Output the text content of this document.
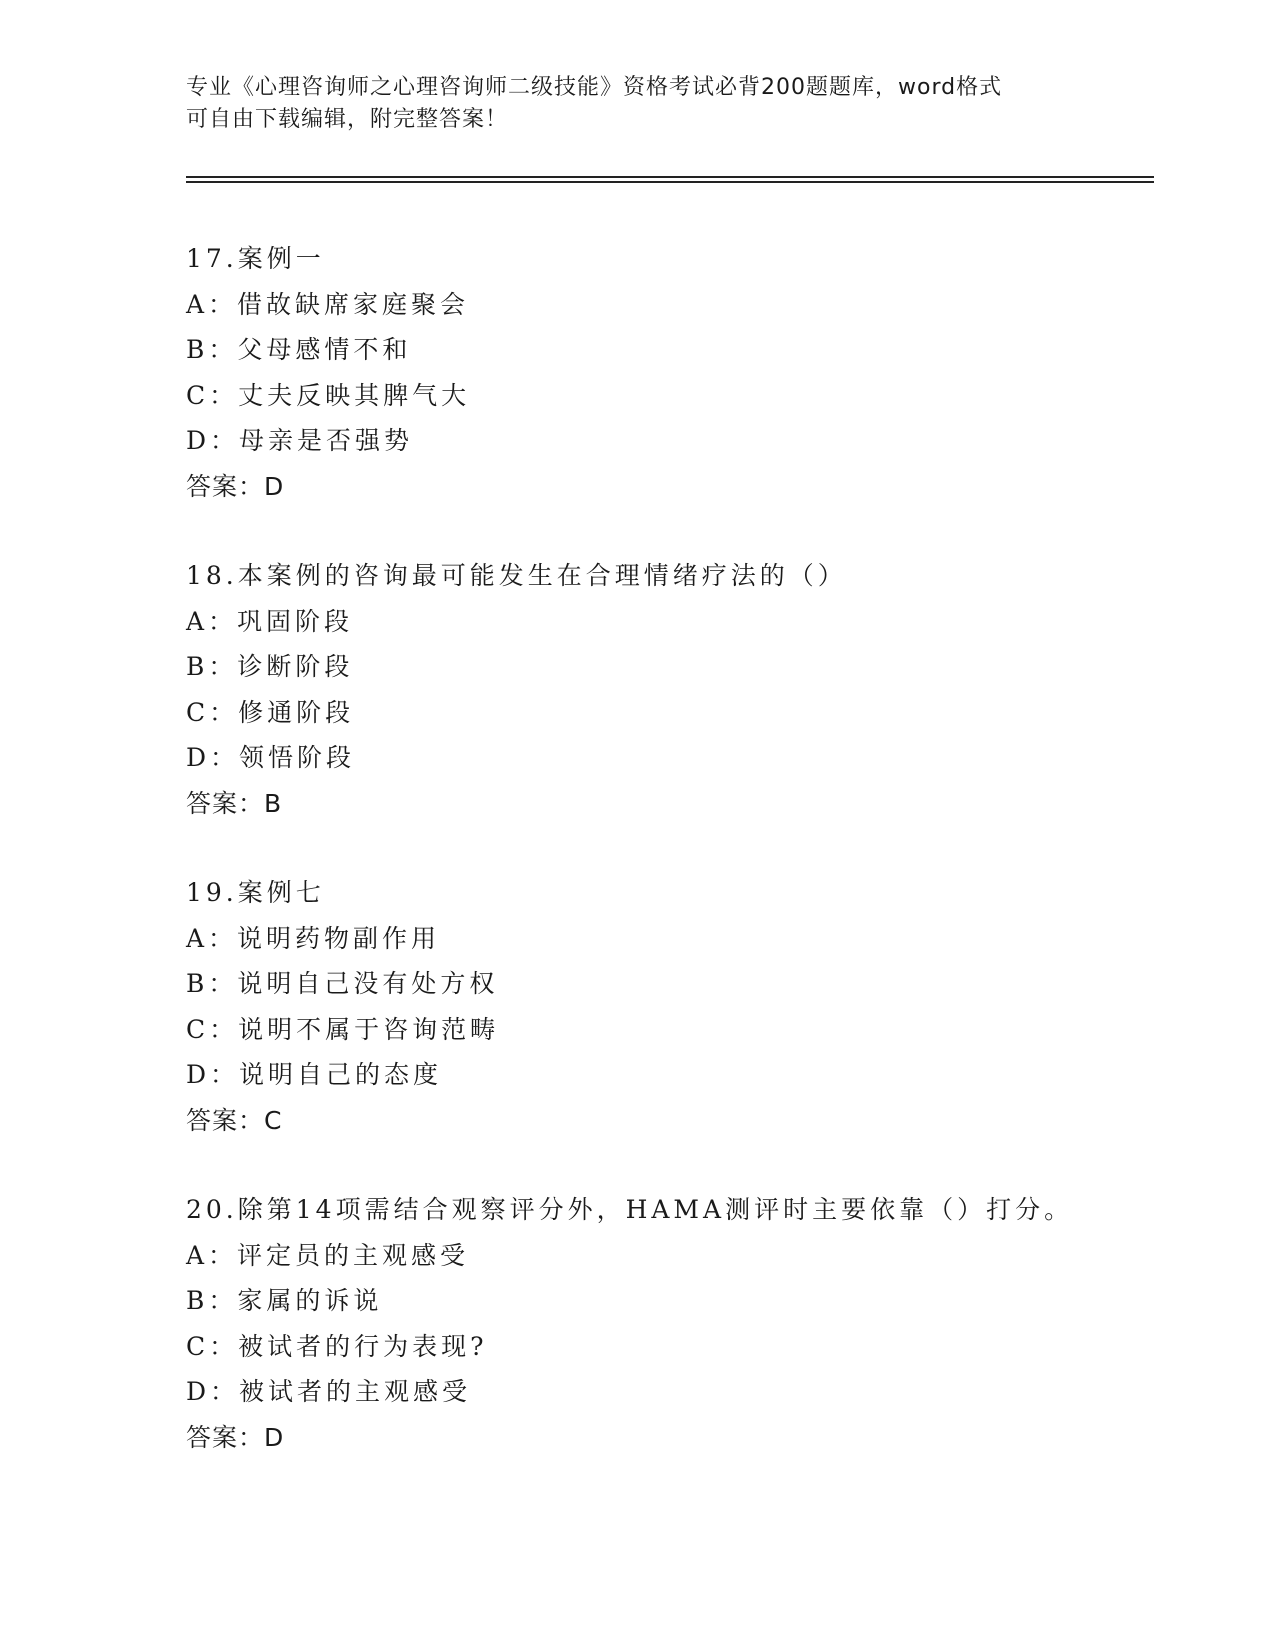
专业《心理咨询师之心理咨询师二级技能》资格考试必背200题题库，word格式
可自由下载编辑，附完整答案！
17.案例一
A：借故缺席家庭聚会
B：父母感情不和
C：丈夫反映其脾气大
D：母亲是否强势
答案：D
18.本案例的咨询最可能发生在合理情绪疗法的（）
A：巩固阶段
B：诊断阶段
C：修通阶段
D：领悟阶段
答案：B
19.案例七
A：说明药物副作用
B：说明自己没有处方权
C：说明不属于咨询范畴
D：说明自己的态度
答案：C
20.除第14项需结合观察评分外，HAMA测评时主要依靠（）打分。
A：评定员的主观感受
B：家属的诉说
C：被试者的行为表现?
D：被试者的主观感受
答案：D
